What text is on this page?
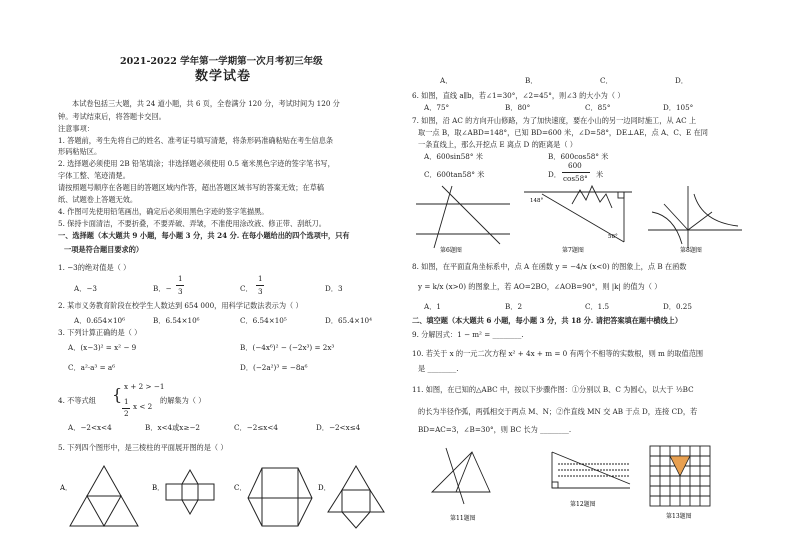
2021-2022 学年第一学期第一次月考初三年级
数学试卷
本试卷包括三大题，共 24 道小题，共 6 页，全卷满分 120 分，考试时间为 120 分
钟。考试结束后，将答题卡交回。
注意事项：
1. 答题前，考生先将自己的姓名、准考证号填写清楚，将条形码准确粘贴在考生信息条
形码粘贴区。
2. 选择题必须使用 2B 铅笔填涂；非选择题必须使用 0.5 毫米黑色字迹的签字笔书写，
字体工整、笔迹清楚。
请按照题号顺序在各题目的答题区域内作答，超出答题区域书写的答案无效；在草稿
纸、试题卷上答题无效。
4. 作图可先使用铅笔画出，确定后必须用黑色字迹的签字笔描黑。
5. 保持卡面清洁，不要折叠，不要弄破、弄皱，不准使用涂改液、修正带、刮纸刀。
一、选择题（本大题共 9 小题，每小题 3 分，共 24 分. 在每小题给出的四个选项中，只有
一项是符合题目要求的）
1. −3的绝对值是（ ）
A．−3	B．−
1
3	C．
1
3	D．3
2. 某市义务教育阶段在校学生人数达到 654 000，用科学记数法表示为（ ）
A．0.654×10⁶	B．6.54×10⁶	C．6.54×10⁵	D．65.4×10⁴
3. 下列计算正确的是（ ）
A．(x−3)² = x² − 9	B．(−4x⁶)² − (−2x³) = 2x³
C．a²·a³ = a⁶	D．(−2a²)³ = −8a⁶
4. 不等式组 { x + 2 > −1
1
2
x < 2
的解集为（ ）
A．−2<x<4	B．x<4或x≥−2	C．−2≤x<4	D．−2<x≤4
5. 下列四个图形中，是三棱柱的平面展开图的是（ ）
A．	B．	C．	D．
A．	B．	C．	D．
6. 如图，直线 a∥b，若∠1=30°，∠2=45°，则∠3 的大小为（ ）
A．75°	B．80°	C．85°	D．105°
7. 如图，沿 AC 的方向开山修路，为了加快速度，要在小山的另一边同时施工，从 AC 上
取一点 B，取∠ABD=148°，已知 BD=600 米，∠D=58°，DE⊥AE，点 A、C、E 在同
一条直线上，那么开挖点 E 离点 D 的距离是（ ）
A．600sin58° 米	B．600cos58° 米
C．600tan58° 米	D．
600
cos58° 米
第6题图	第7题图
148°
58°
第8题图
8. 如图，在平面直角坐标系中，点 A 在函数 y = −4/x (x<0) 的图象上，点 B 在函数
y = k/x (x>0) 的图象上，若 AO=2BO，∠AOB=90°，则 |k| 的值为（ ）
A．1	B．2	C．1.5	D．0.25
二、填空题（本大题共 6 小题，每小题 3 分，共 18 分. 请把答案填在题中横线上）
9. 分解因式：1 − m² = ________.
10. 若关于 x 的一元二次方程 x² + 4x + m = 0 有两个不相等的实数根，则 m 的取值范围
是 ________.
11. 如图，在已知的△ABC 中，按以下步骤作图：①分别以 B、C 为圆心，以大于 ½BC
的长为半径作弧，两弧相交于两点 M、N；②作直线 MN 交 AB 于点 D，连接 CD，若
BD=AC=3，∠B=30°，则 BC 长为 ________.
第11题图
第12题图
第13题图
